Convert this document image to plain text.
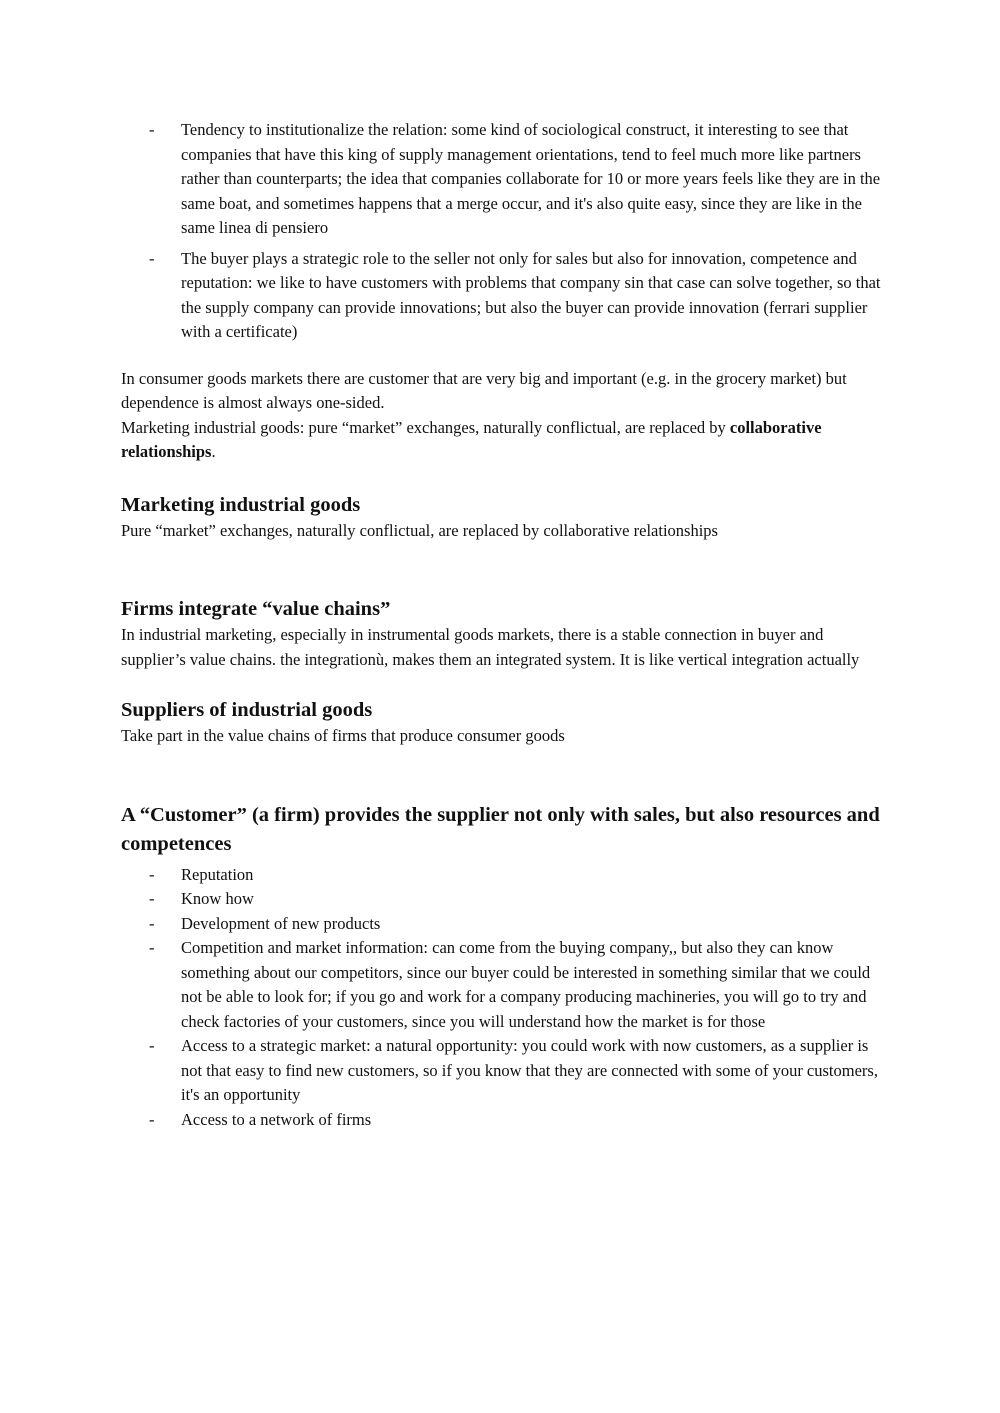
- Tendency to institutionalize the relation: some kind of sociological construct, it interesting to see that companies that have this king of supply management orientations, tend to feel much more like partners rather than counterparts; the idea that companies collaborate for 10 or more years feels like they are in the same boat, and sometimes happens that a merge occur, and it's also quite easy, since they are like in the same linea di pensiero
- The buyer plays a strategic role to the seller not only for sales but also for innovation, competence and reputation: we like to have customers with problems that company sin that case can solve together, so that the supply company can provide innovations; but also the buyer can provide innovation (ferrari supplier with a certificate)

In consumer goods markets there are customer that are very big and important (e.g. in the grocery market) but dependence is almost always one-sided.

Marketing industrial goods: pure “market” exchanges, naturally conflictual, are replaced by collaborative relationships.

Marketing industrial goods

Pure “market” exchanges, naturally conflictual, are replaced by collaborative relationships

Firms integrate “value chains”

In industrial marketing, especially in instrumental goods markets, there is a stable connection in buyer and supplier’s value chains. the integrationù, makes them an integrated system. It is like vertical integration actually

Suppliers of industrial goods

Take part in the value chains of firms that produce consumer goods

A “Customer” (a firm) provides the supplier not only with sales, but also resources and competences
- Reputation
- Know how
- Development of new products
- Competition and market information: can come from the buying company,, but also they can know something about our competitors, since our buyer could be interested in something similar that we could not be able to look for; if you go and work for a company producing machineries, you will go to try and check factories of your customers, since you will understand how the market is for those
- Access to a strategic market: a natural opportunity: you could work with now customers, as a supplier is not that easy to find new customers, so if you know that they are connected with some of your customers, it's an opportunity
- Access to a network of firms
